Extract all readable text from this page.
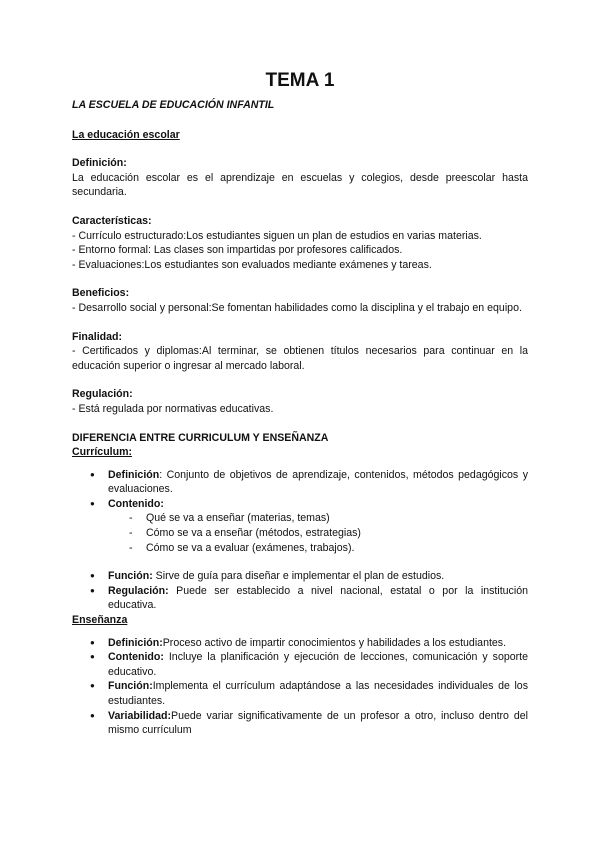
TEMA 1

LA ESCUELA DE EDUCACIÓN INFANTIL

La educación escolar

Definición:

La educación escolar es el aprendizaje en escuelas y colegios, desde preescolar hasta secundaria.

Características:

- Currículo estructurado:Los estudiantes siguen un plan de estudios en varias materias.

- Entorno formal: Las clases son impartidas por profesores calificados.

- Evaluaciones:Los estudiantes son evaluados mediante exámenes y tareas.

Beneficios:

- Desarrollo social y personal:Se fomentan habilidades como la disciplina y el trabajo en equipo.

Finalidad:

- Certificados y diplomas:Al terminar, se obtienen títulos necesarios para continuar en la educación superior o ingresar al mercado laboral.

Regulación:

- Está regulada por normativas educativas.

DIFERENCIA ENTRE CURRICULUM Y ENSEÑANZA

Currículum:

● Definición: Conjunto de objetivos de aprendizaje, contenidos, métodos pedagógicos y evaluaciones.
● Contenido:
- Qué se va a enseñar (materias, temas)
- Cómo se va a enseñar (métodos, estrategias)
- Cómo se va a evaluar (exámenes, trabajos).
● Función: Sirve de guía para diseñar e implementar el plan de estudios.
● Regulación: Puede ser establecido a nivel nacional, estatal o por la institución educativa.

Enseñanza

● Definición:Proceso activo de impartir conocimientos y habilidades a los estudiantes.
● Contenido: Incluye la planificación y ejecución de lecciones, comunicación y soporte educativo.
● Función:Implementa el currículum adaptándose a las necesidades individuales de los estudiantes.
● Variabilidad:Puede variar significativamente de un profesor a otro, incluso dentro del mismo currículum
